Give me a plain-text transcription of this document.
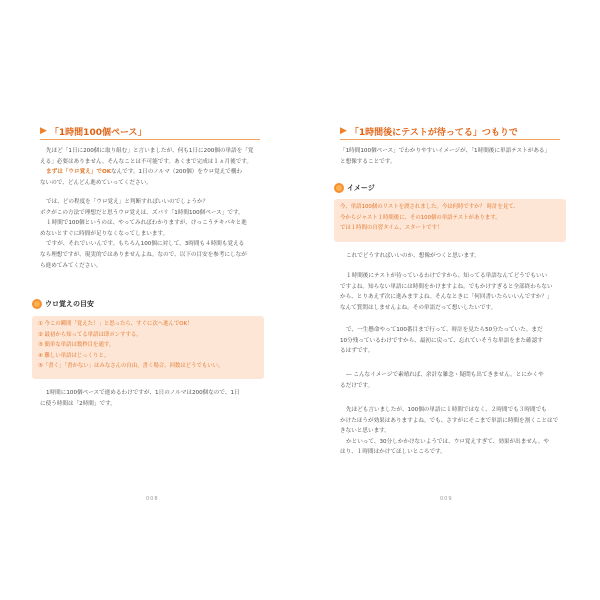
▶ 「1時間100個ペース」
先ほど「1日に200個に取り組む」と言いましたが、何も1日に200個の単語を「覚
える」必要はありません。そんなことは不可能です。あくまで完成は１ヵ月後です。
まずは「ウロ覚え」でOKなんです。1日のノルマ（200個）をウロ覚えで構わ
ないので、どんどん進めていってください。
では、どの程度を「ウロ覚え」と判断すればいいのでしょうか？
ボクがこの方法で理想だと思うウロ覚えは、ズバリ「1時間100個ペース」です。
１時間で100個というのは、やってみればわかりますが、けっこうテキパキと進
めないとすぐに時間が足りなくなってしまいます。
ですが、それでいいんです。もちろん100個に対して、3時間も４時間も覚える
なら理想ですが、現実的ではありませんよね。なので、以下の目安を参考にしなが
ら進めてみてください。
ウロ覚えの目安
① 今この瞬間「覚えた！」と思ったら、すぐに次へ進んでOK！
② 最初から知ってる単語は即ポンすする。
③ 簡単な単語は数秒目を通す。
④ 難しい単語はじっくりと。
⑤「書く」「書かない」はみなさんの自由。書く場合、回数はどうでもいい。
1時間に100個ペースで進めるわけですが、1日のノルマは200個なので、1日
に使う時間は「2時間」です。
008
▶ 「1時間後にテストが待ってる」つもりで
「1時間100個ペース」でわかりやすいイメージが、「1時間後に単語テストがある」
と想像することです。
イメージ
今、単語100個のリストを渡されました。今は何時ですか？ 時計を見て、
今からジャスト１時間後に、その100個の単語テストがあります。
では１時間の自習タイム、スタートです！
これでどうすればいいのか、想像がつくと思います。
１時間後にテストが待っているわけですから、知ってる単語なんてどうでもいい
ですよね。知らない単語には時間をかけますよね。でもかけすぎると全部終わらない
から、とりあえず次に進みますよね。そんなときに「何回書いたらいいんですか？」
なんて質問はしませんよね。その単語だって想いしたいです。
で、一生懸命やって100番目まで行って、時計を見たら50分たっていた。まだ
10分残っているわけですから、最初に戻って、忘れていそうな単語をまた確認す
るはずです。
― こんなイメージで素晴れば、余計な雑念・疑問も出てきません。とにかくや
るだけです。
先ほども言いましたが、100個の単語に１時間ではなく、２時間でも３時間でも
かけたほうが効果はありますよね。でも、さすがにそこまで単語に時間を割くことはで
きないと思います。
かといって、30分しかかけないようでは、ウロ覚えすぎて、効果が出ません。や
はり、１時間はかけてほしいところです。
009
